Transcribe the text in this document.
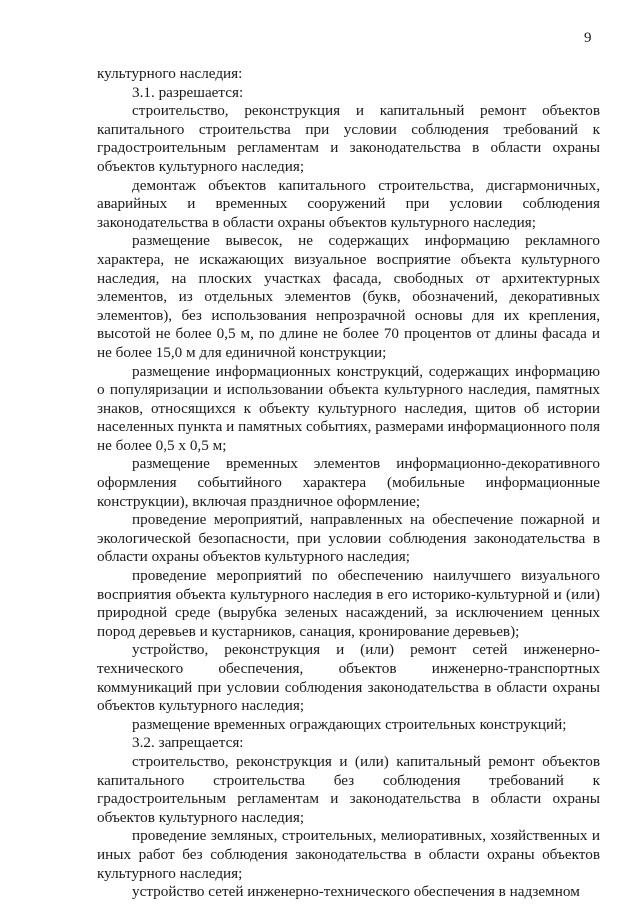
9

культурного наследия:

3.1. разрешается:

строительство, реконструкция и капитальный ремонт объектов капитального строительства при условии соблюдения требований к градостроительным регламентам и законодательства в области охраны объектов культурного наследия;

демонтаж объектов капитального строительства, дисгармоничных, аварийных и временных сооружений при условии соблюдения законодательства в области охраны объектов культурного наследия;

размещение вывесок, не содержащих информацию рекламного характера, не искажающих визуальное восприятие объекта культурного наследия, на плоских участках фасада, свободных от архитектурных элементов, из отдельных элементов (букв, обозначений, декоративных элементов), без использования непрозрачной основы для их крепления, высотой не более 0,5 м, по длине не более 70 процентов от длины фасада и не более 15,0 м для единичной конструкции;

размещение информационных конструкций, содержащих информацию о популяризации и использовании объекта культурного наследия, памятных знаков, относящихся к объекту культурного наследия, щитов об истории населенных пункта и памятных событиях, размерами информационного поля не более 0,5 х 0,5 м;

размещение временных элементов информационно-декоративного оформления событийного характера (мобильные информационные конструкции), включая праздничное оформление;

проведение мероприятий, направленных на обеспечение пожарной и экологической безопасности, при условии соблюдения законодательства в области охраны объектов культурного наследия;

проведение мероприятий по обеспечению наилучшего визуального восприятия объекта культурного наследия в его историко-культурной и (или) природной среде (вырубка зеленых насаждений, за исключением ценных пород деревьев и кустарников, санация, кронирование деревьев);

устройство, реконструкция и (или) ремонт сетей инженерно-технического обеспечения, объектов инженерно-транспортных коммуникаций при условии соблюдения законодательства в области охраны объектов культурного наследия;

размещение временных ограждающих строительных конструкций;

3.2. запрещается:

строительство, реконструкция и (или) капитальный ремонт объектов капитального строительства без соблюдения требований к градостроительным регламентам и законодательства в области охраны объектов культурного наследия;

проведение земляных, строительных, мелиоративных, хозяйственных и иных работ без соблюдения законодательства в области охраны объектов культурного наследия;

устройство сетей инженерно-технического обеспечения в надземном
